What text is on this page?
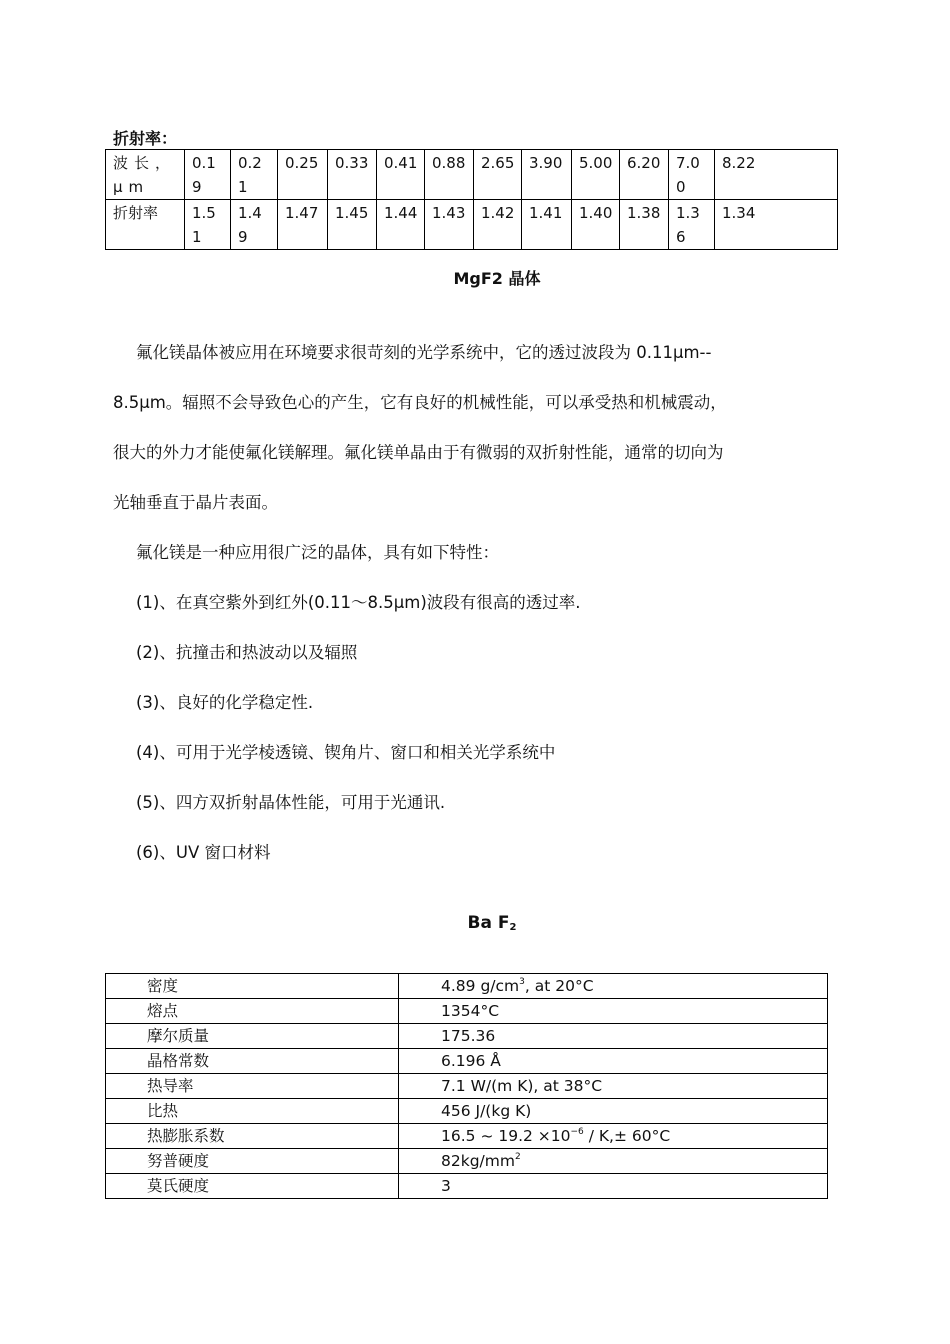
折射率：
波长，μm	0.19	0.21	0.25	0.33	0.41	0.88	2.65	3.90	5.00	6.20	7.00	8.22
折射率	1.51	1.49	1.47	1.45	1.44	1.43	1.42	1.41	1.40	1.38	1.36	1.34
MgF2 晶体
氟化镁晶体被应用在环境要求很苛刻的光学系统中，它的透过波段为 0.11μm--
8.5μm。辐照不会导致色心的产生，它有良好的机械性能，可以承受热和机械震动，
很大的外力才能使氟化镁解理。氟化镁单晶由于有微弱的双折射性能，通常的切向为
光轴垂直于晶片表面。
氟化镁是一种应用很广泛的晶体，具有如下特性：
(1)、在真空紫外到红外(0.11～8.5μm)波段有很高的透过率.
(2)、抗撞击和热波动以及辐照
(3)、良好的化学稳定性.
(4)、可用于光学棱透镜、锲角片、窗口和相关光学系统中
(5)、四方双折射晶体性能，可用于光通讯.
(6)、UV 窗口材料
Ba $F_2$
密度	4.89 $g/cm^3$, at 20°C
熔点	1354°C
摩尔质量	175.36
晶格常数	6.196 Å
热导率	7.1 W/(m K), at 38°C
比热	456 J/(kg K)
热膨胀系数	16.5 ~ $19.2 \times 10^{-6} / K,\pm 60^\circ C$
努普硬度	$82kg/mm^2$
莫氏硬度	3
